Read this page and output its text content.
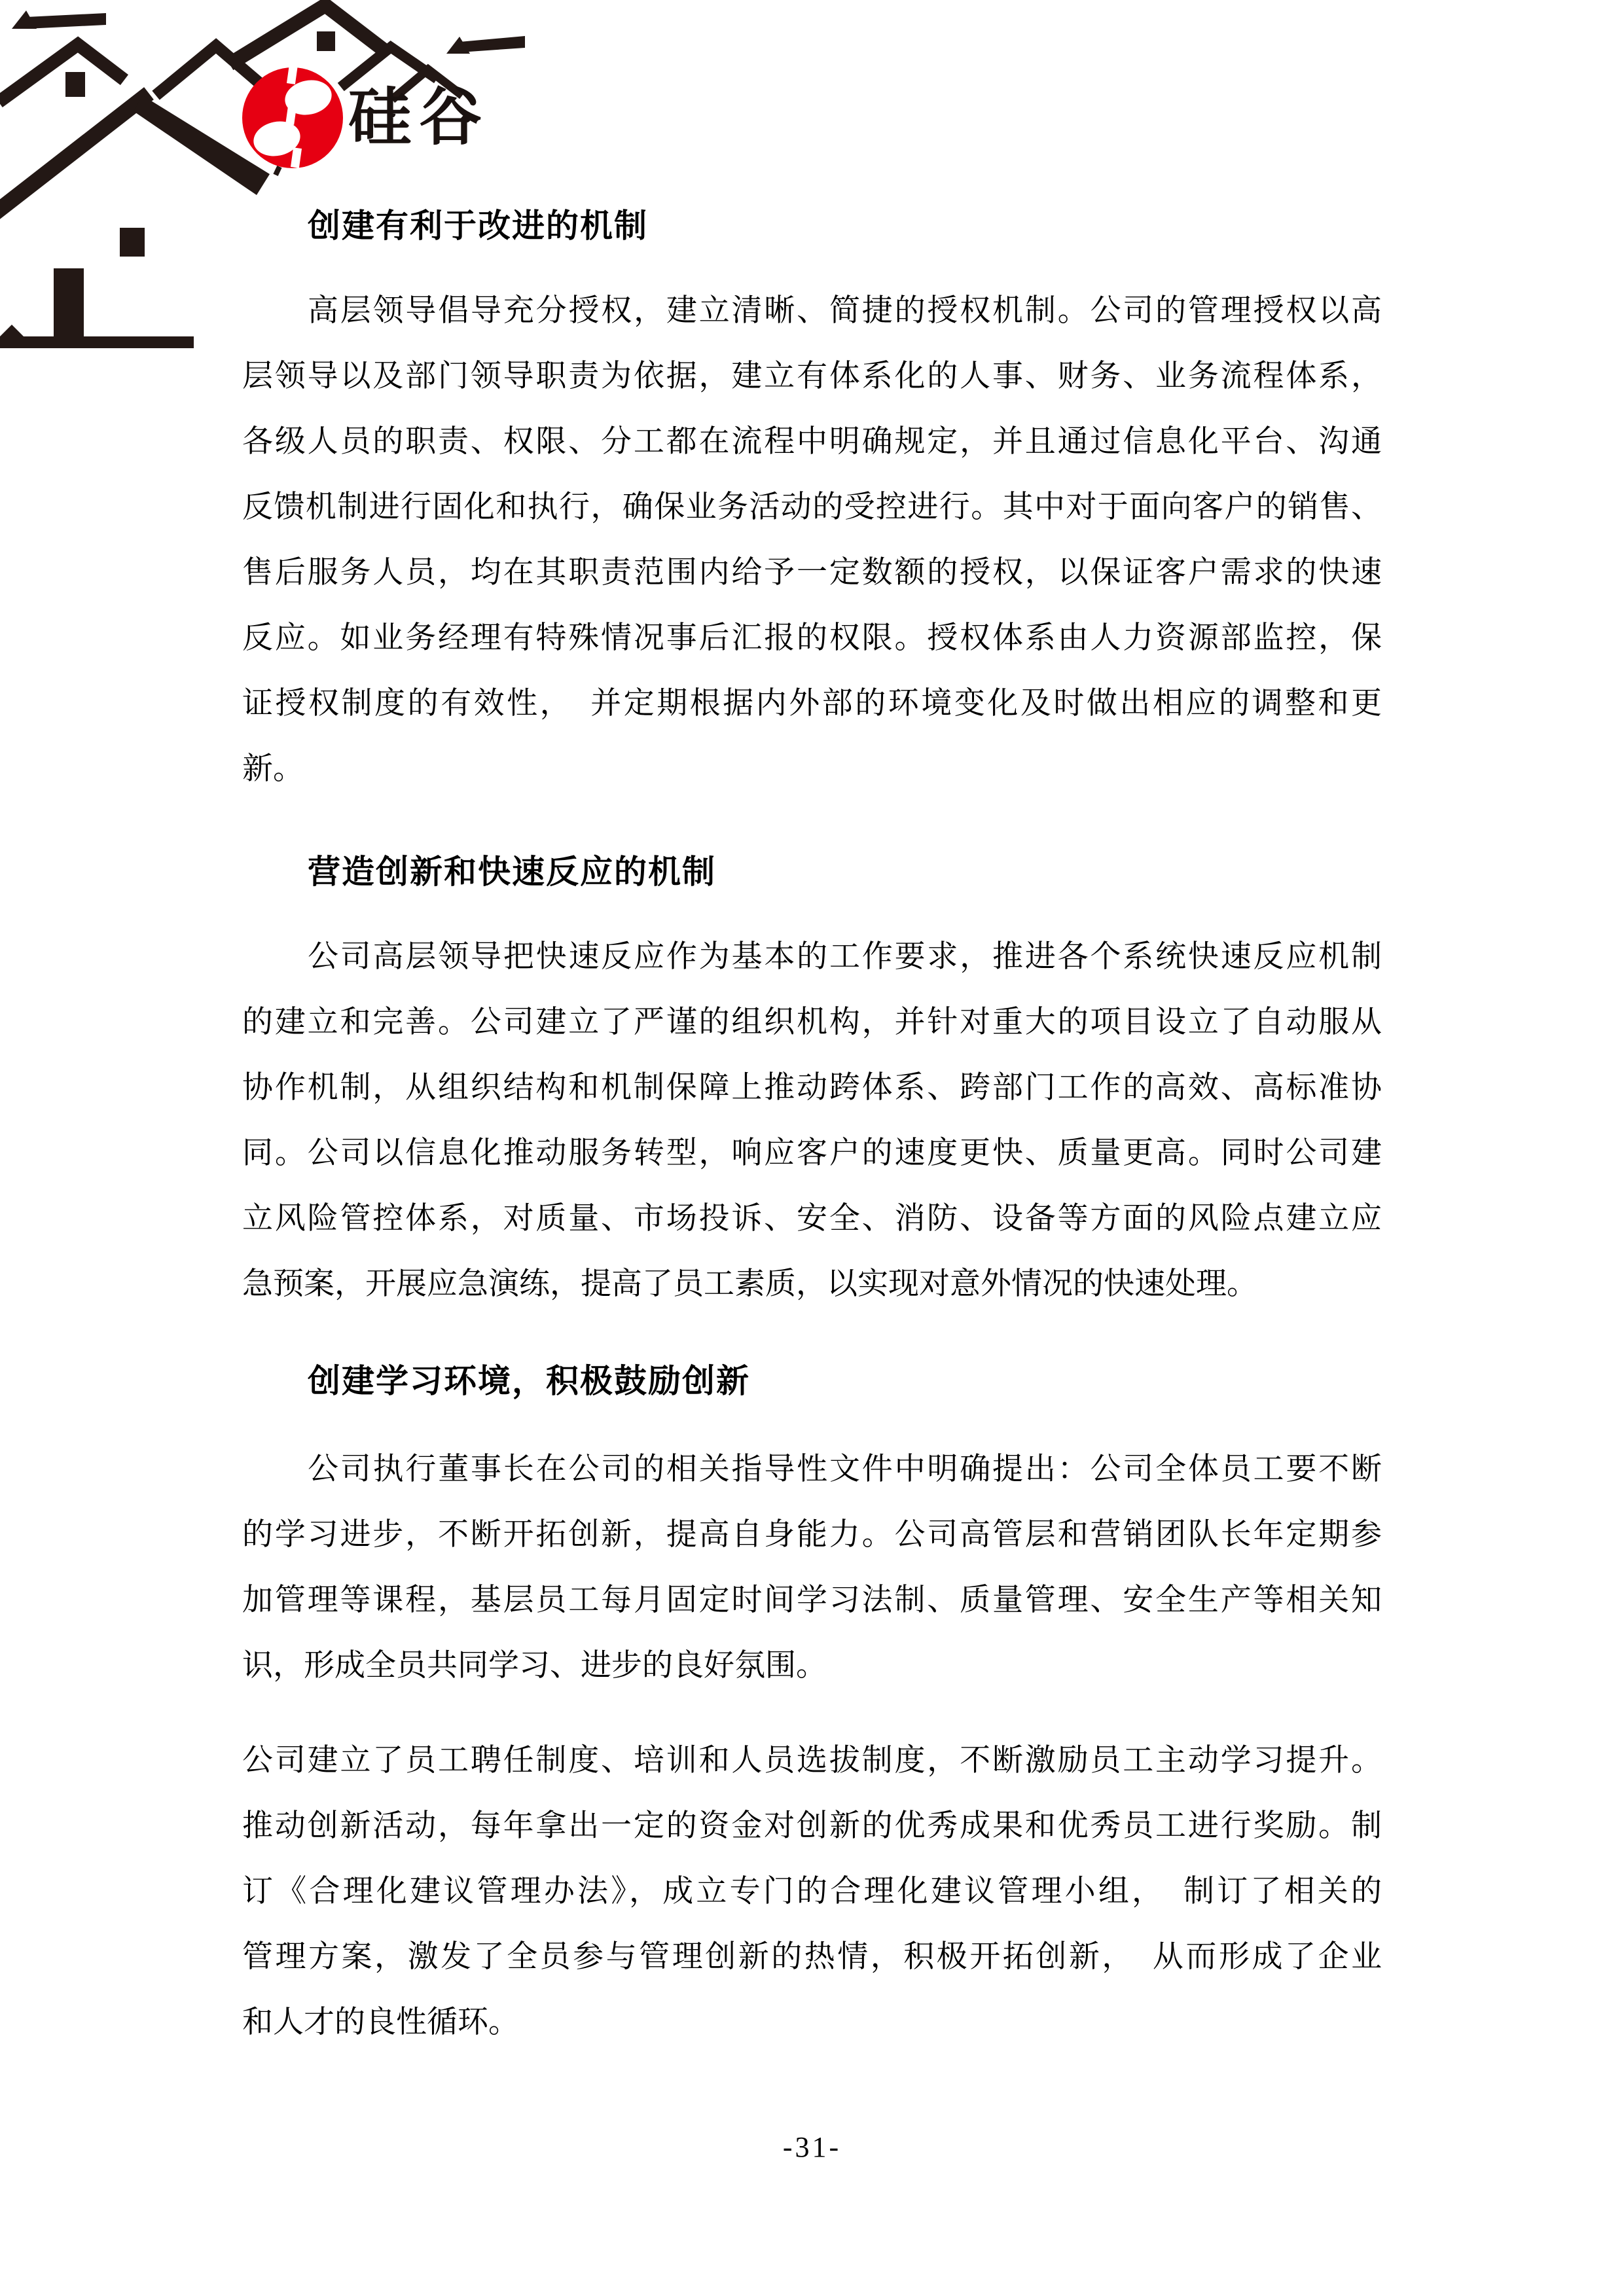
硅谷
创建有利于改进的机制
高层领导倡导充分授权，建立清晰、简捷的授权机制。公司的管理授权以高
层领导以及部门领导职责为依据，建立有体系化的人事、财务、业务流程体系，
各级人员的职责、权限、分工都在流程中明确规定，并且通过信息化平台、沟通
反馈机制进行固化和执行，确保业务活动的受控进行。其中对于面向客户的销售、
售后服务人员，均在其职责范围内给予一定数额的授权，以保证客户需求的快速
反应。如业务经理有特殊情况事后汇报的权限。授权体系由人力资源部监控，保
证授权制度的有效性，　并定期根据内外部的环境变化及时做出相应的调整和更
新。
营造创新和快速反应的机制
公司高层领导把快速反应作为基本的工作要求，推进各个系统快速反应机制
的建立和完善。公司建立了严谨的组织机构，并针对重大的项目设立了自动服从
协作机制，从组织结构和机制保障上推动跨体系、跨部门工作的高效、高标准协
同。公司以信息化推动服务转型，响应客户的速度更快、质量更高。同时公司建
立风险管控体系，对质量、市场投诉、安全、消防、设备等方面的风险点建立应
急预案，开展应急演练，提高了员工素质，以实现对意外情况的快速处理。
创建学习环境，积极鼓励创新
公司执行董事长在公司的相关指导性文件中明确提出：公司全体员工要不断
的学习进步，不断开拓创新，提高自身能力。公司高管层和营销团队长年定期参
加管理等课程，基层员工每月固定时间学习法制、质量管理、安全生产等相关知
识，形成全员共同学习、进步的良好氛围。
公司建立了员工聘任制度、培训和人员选拔制度，不断激励员工主动学习提升。
推动创新活动，每年拿出一定的资金对创新的优秀成果和优秀员工进行奖励。制
订《合理化建议管理办法》，成立专门的合理化建议管理小组，　制订了相关的
管理方案，激发了全员参与管理创新的热情，积极开拓创新，　从而形成了企业
和人才的良性循环。
-31-
